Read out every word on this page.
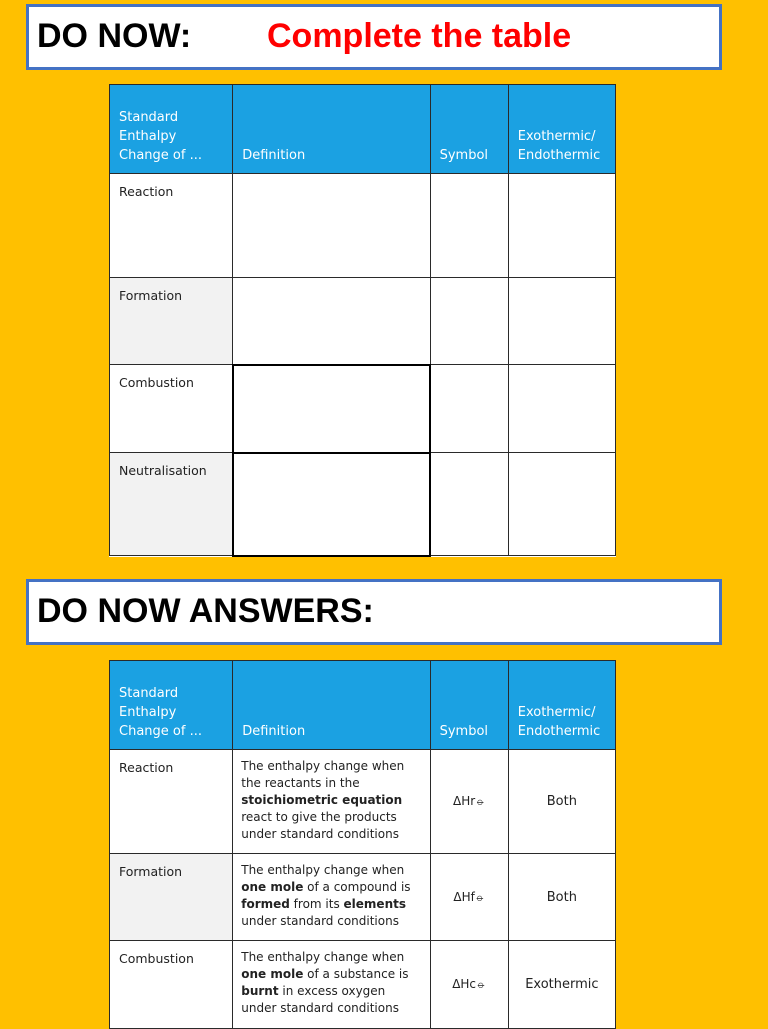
DO NOW: Complete the table
Standard Enthalpy Change of ...	Definition	Symbol	Exothermic/ Endothermic
Reaction			
Formation			
Combustion			
Neutralisation			
DO NOW ANSWERS:
Standard Enthalpy Change of ...	Definition	Symbol	Exothermic/ Endothermic
Reaction	The enthalpy change when the reactants in the stoichiometric equation react to give the products under standard conditions	ΔHr⦵	Both
Formation	The enthalpy change when one mole of a compound is formed from its elements under standard conditions	ΔHf⦵	Both
Combustion	The enthalpy change when one mole of a substance is burnt in excess oxygen under standard conditions	ΔHc⦵	Exothermic
